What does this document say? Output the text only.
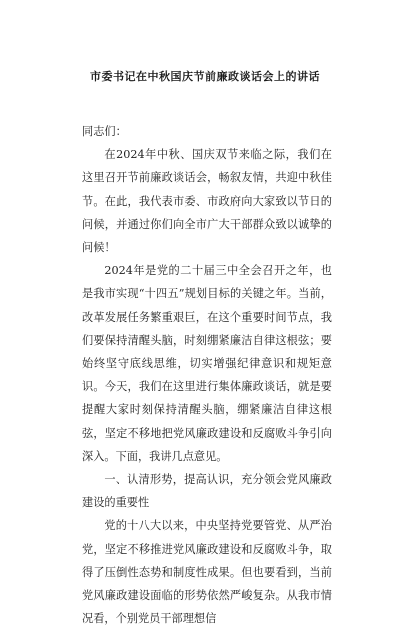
市委书记在中秋国庆节前廉政谈话会上的讲话

同志们：

在2024年中秋、国庆双节来临之际，我们在这里召开节前廉政谈话会，畅叙友情，共迎中秋佳节。在此，我代表市委、市政府向大家致以节日的问候，并通过你们向全市广大干部群众致以诚挚的问候！

2024年是党的二十届三中全会召开之年，也是我市实现“十四五”规划目标的关键之年。当前，改革发展任务繁重艰巨，在这个重要时间节点，我们要保持清醒头脑，时刻绷紧廉洁自律这根弦；要始终坚守底线思维，切实增强纪律意识和规矩意识。今天，我们在这里进行集体廉政谈话，就是要提醒大家时刻保持清醒头脑，绷紧廉洁自律这根弦，坚定不移地把党风廉政建设和反腐败斗争引向深入。下面，我讲几点意见。

一、认清形势，提高认识，充分领会党风廉政建设的重要性

党的十八大以来，中央坚持党要管党、从严治党，坚定不移推进党风廉政建设和反腐败斗争，取得了压倒性态势和制度性成果。但也要看到，当前党风廉政建设面临的形势依然严峻复杂。从我市情况看，个别党员干部理想信
